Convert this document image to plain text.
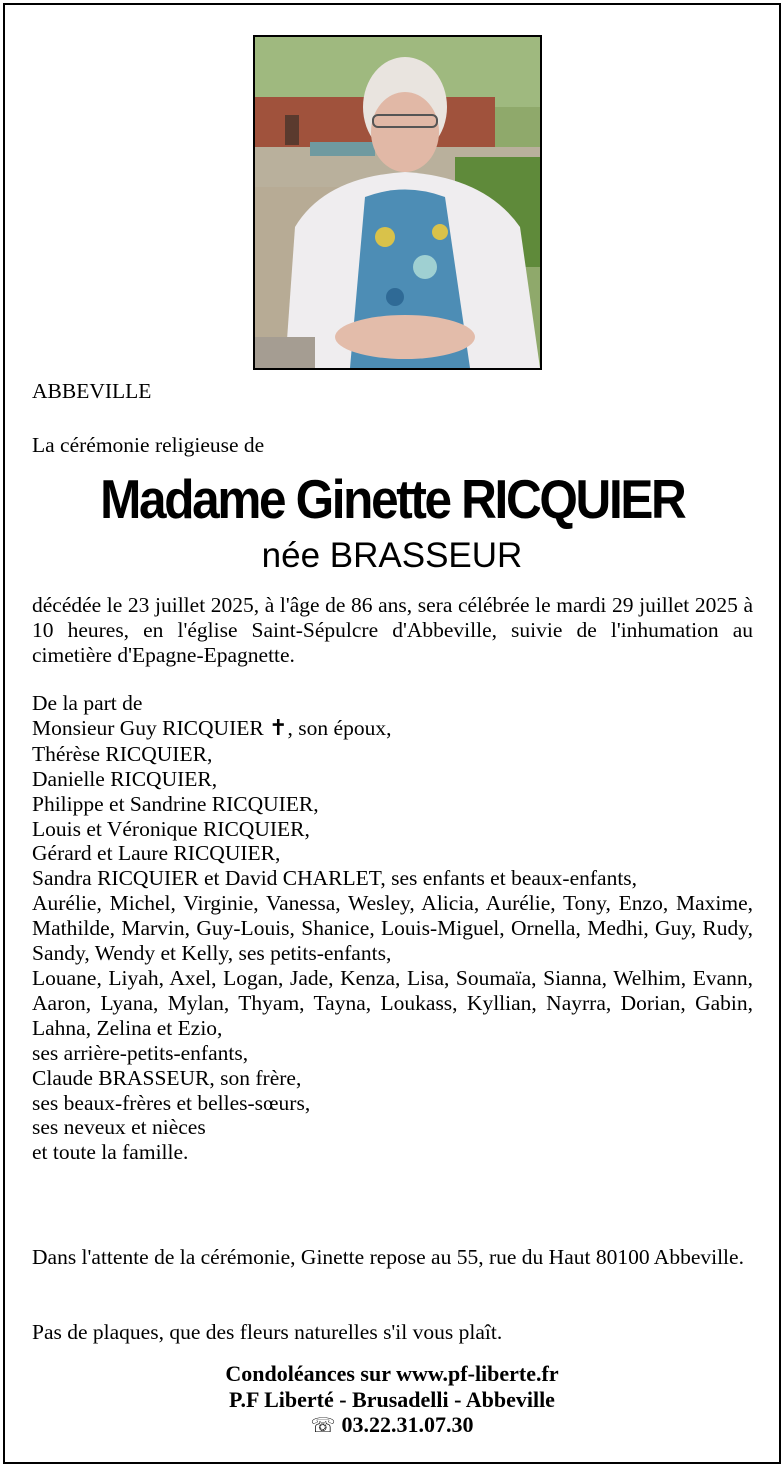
ABBEVILLE
La cérémonie religieuse de
Madame Ginette RICQUIER
née BRASSEUR
décédée le 23 juillet 2025, à l'âge de 86 ans, sera célébrée le mardi 29 juillet 2025 à 10 heures, en l'église Saint-Sépulcre d'Abbeville, suivie de l'inhumation au cimetière d'Epagne-Epagnette.
De la part de
Monsieur Guy RICQUIER ✝, son époux,
Thérèse RICQUIER,
Danielle RICQUIER,
Philippe et Sandrine RICQUIER,
Louis et Véronique RICQUIER,
Gérard et Laure RICQUIER,
Sandra RICQUIER et David CHARLET, ses enfants et beaux-enfants,
Aurélie, Michel, Virginie, Vanessa, Wesley, Alicia, Aurélie, Tony, Enzo, Maxime, Mathilde, Marvin, Guy-Louis, Shanice, Louis-Miguel, Ornella, Medhi, Guy, Rudy, Sandy, Wendy et Kelly, ses petits-enfants,
Louane, Liyah, Axel, Logan, Jade, Kenza, Lisa, Soumaïa, Sianna, Welhim, Evann, Aaron, Lyana, Mylan, Thyam, Tayna, Loukass, Kyllian, Nayrra, Dorian, Gabin, Lahna, Zelina et Ezio,
ses arrière-petits-enfants,
Claude BRASSEUR, son frère,
ses beaux-frères et belles-sœurs,
ses neveux et nièces
et toute la famille.
Dans l'attente de la cérémonie, Ginette repose au 55, rue du Haut 80100 Abbeville.
Pas de plaques, que des fleurs naturelles s'il vous plaît.
Condoléances sur www.pf-liberte.fr
P.F Liberté - Brusadelli - Abbeville
☏ 03.22.31.07.30
